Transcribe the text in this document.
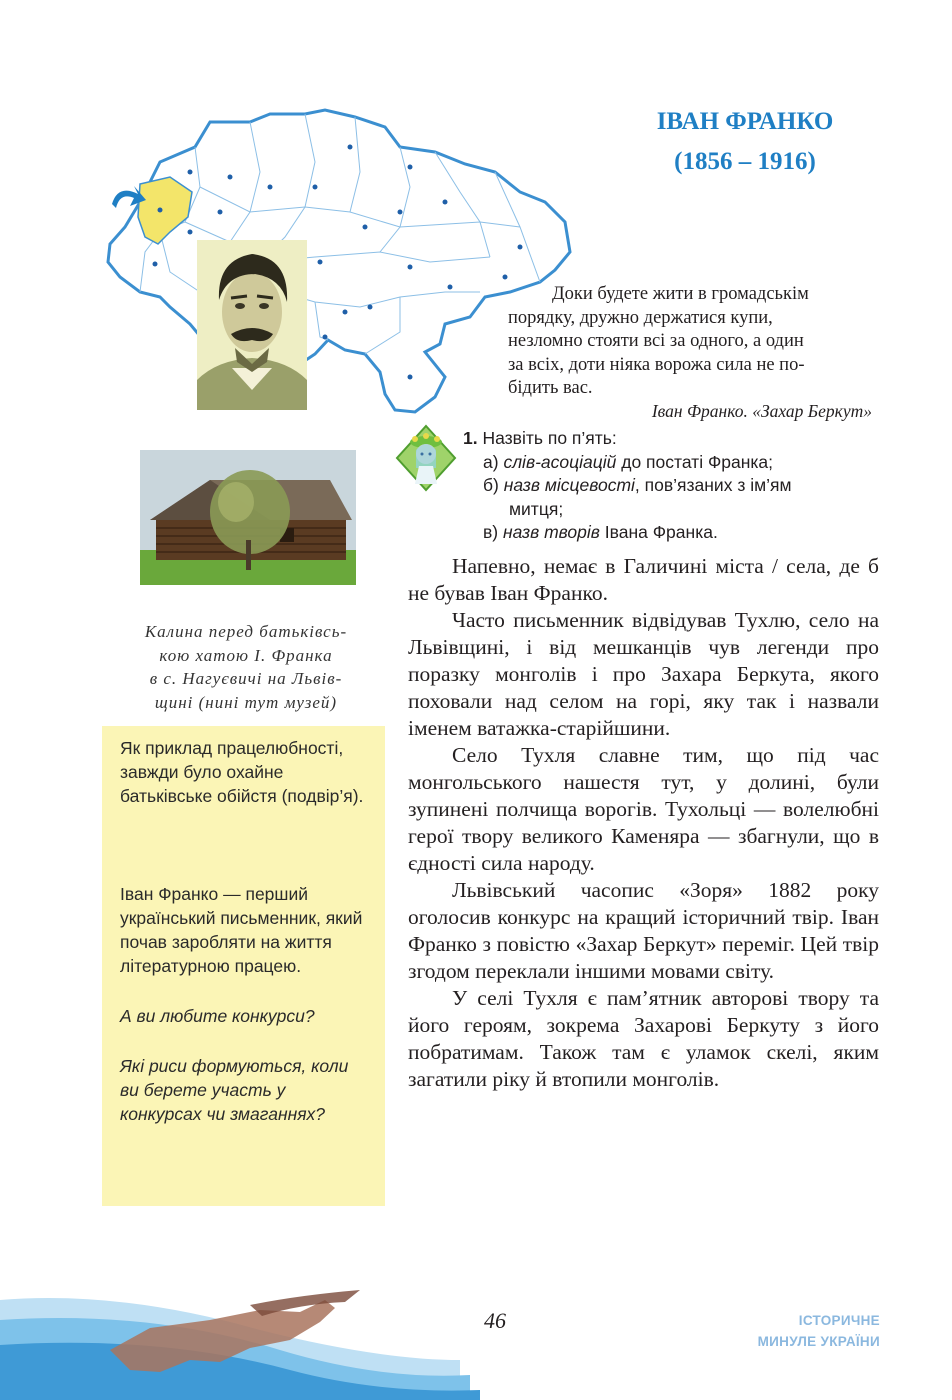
ІВАН ФРАНКО
(1856 – 1916)

Доки будете жити в громадськім

порядку, дружно держатися купи,

незломно стояти всі за одного, а один

за всіх, доти ніяка ворожа сила не по-

бідить вас.

Іван Франко. «Захар Беркут»

1. Назвіть по п’ять:

а) слів-асоціацій до постаті Франка;

б) назв місцевості, пов’язаних з ім’ям

митця;

в) назв творів Івана Франка.

Калина перед батьківсь-
кою хатою І. Франка
в с. Нагуєвичі на Львів-
щині (нині тут музей)

Як приклад працелюбності, завжди було охайне батьківське обійстя (подвір’я).

Іван Франко — перший український письменник, який почав заробляти на життя літературною працею.

А ви любите конкурси?

Які риси формуються, коли ви берете участь у конкурсах чи змаганнях?

Напевно, немає в Галичині міста / села, де б не бував Іван Франко.

Часто письменник відвідував Тухлю, село на Львівщині, і від мешканців чув легенди про поразку монголів і про Захара Беркута, якого поховали над селом на горі, яку так і назвали іменем ватажка-старійшини.

Село Тухля славне тим, що під час монгольського нашестя тут, у долині, були зупинені полчища ворогів. Тухольці — волелюбні герої твору великого Каменяра — збагнули, що в єдності сила народу.

Львівський часопис «Зоря» 1882 року оголосив конкурс на кращий історичний твір. Іван Франко з повістю «Захар Беркут» переміг. Цей твір згодом переклали іншими мовами світу.

У селі Тухля є пам’ятник авторові твору та його героям, зокрема Захарові Беркуту з його побратимам. Також там є уламок скелі, яким загатили ріку й втопили монголів.

46	ІСТОРИЧНЕ
МИНУЛЕ УКРАЇНИ
